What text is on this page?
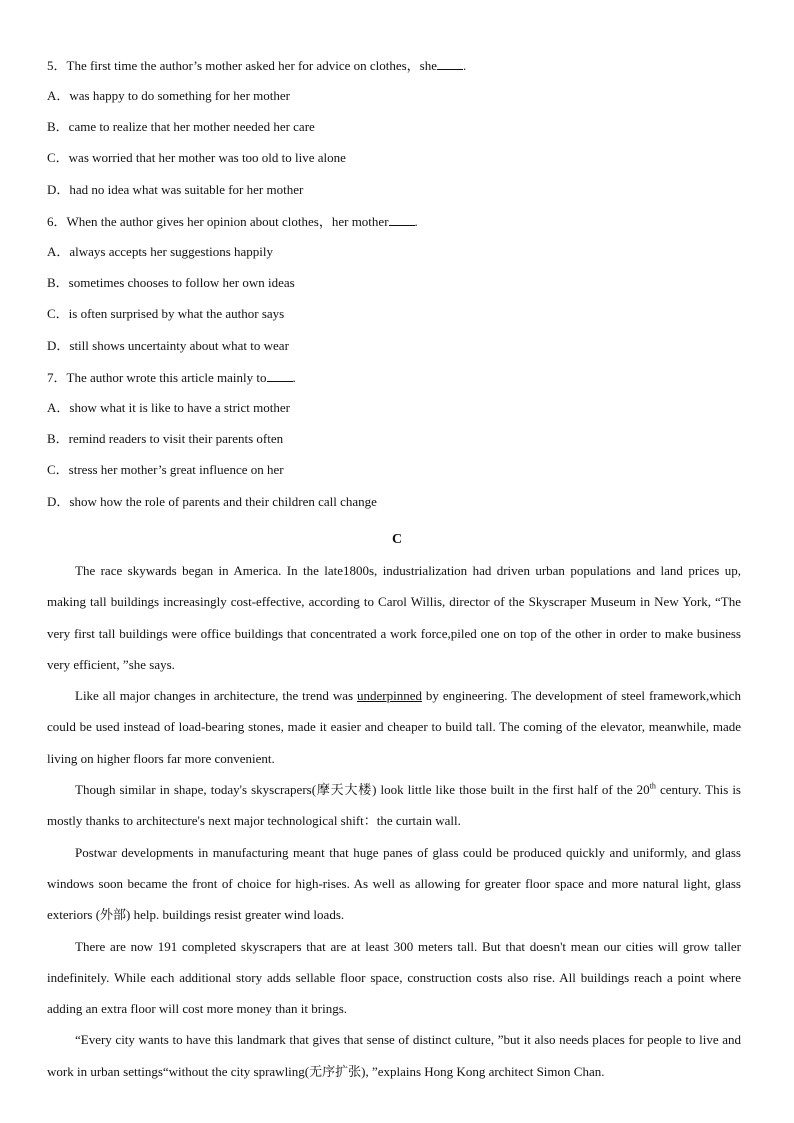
5．The first time the author’s mother asked her for advice on clothes，she .
A．was happy to do something for her mother
B．came to realize that her mother needed her care
C．was worried that her mother was too old to live alone
D．had no idea what was suitable for her mother
6．When the author gives her opinion about clothes，her mother .
A．always accepts her suggestions happily
B．sometimes chooses to follow her own ideas
C．is often surprised by what the author says
D．still shows uncertainty about what to wear
7．The author wrote this article mainly to .
A．show what it is like to have a strict mother
B．remind readers to visit their parents often
C．stress her mother’s great influence on her
D．show how the role of parents and their children call change
C

The race skywards began in America. In the late1800s, industrialization had driven urban populations and land prices up, making tall buildings increasingly cost-effective, according to Carol Willis, director of the Skyscraper Museum in New York, “The very first tall buildings were office buildings that concentrated a work force,piled one on top of the other in order to make business very efficient, ”she says.

Like all major changes in architecture, the trend was underpinned by engineering. The development of steel framework,which could be used instead of load-bearing stones, made it easier and cheaper to build tall. The coming of the elevator, meanwhile, made living on higher floors far more convenient.

Though similar in shape, today's skyscrapers(摩天大楼) look little like those built in the first half of the 20th century. This is mostly thanks to architecture's next major technological shift：the curtain wall.

Postwar developments in manufacturing meant that huge panes of glass could be produced quickly and uniformly, and glass windows soon became the front of choice for high-rises. As well as allowing for greater floor space and more natural light, glass exteriors (外部) help. buildings resist greater wind loads.

There are now 191 completed skyscrapers that are at least 300 meters tall. But that doesn't mean our cities will grow taller indefinitely. While each additional story adds sellable floor space, construction costs also rise. All buildings reach a point where adding an extra floor will cost more money than it brings.

“Every city wants to have this landmark that gives that sense of distinct culture, ”but it also needs places for people to live and work in urban settings“without the city sprawling(无序扩张), ”explains Hong Kong architect Simon Chan.
